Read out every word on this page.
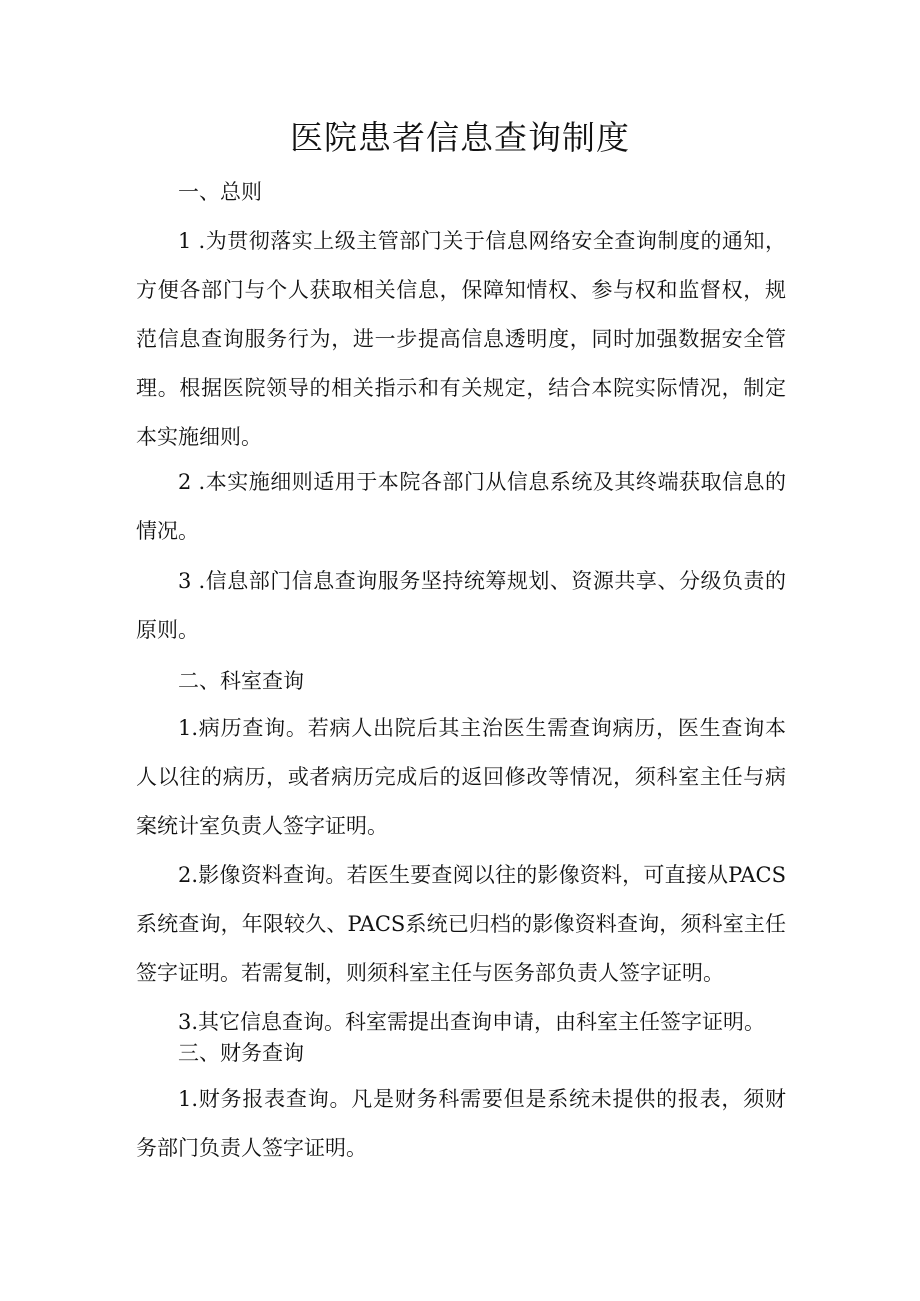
医院患者信息查询制度

一、总则

1 .为贯彻落实上级主管部门关于信息网络安全查询制度的通知，方便各部门与个人获取相关信息，保障知情权、参与权和监督权，规范信息查询服务行为，进一步提高信息透明度，同时加强数据安全管理。根据医院领导的相关指示和有关规定，结合本院实际情况，制定本实施细则。

2 .本实施细则适用于本院各部门从信息系统及其终端获取信息的情况。

3 .信息部门信息查询服务坚持统筹规划、资源共享、分级负责的原则。

二、科室查询

1.病历查询。若病人出院后其主治医生需查询病历，医生查询本人以往的病历，或者病历完成后的返回修改等情况，须科室主任与病案统计室负责人签字证明。

2.影像资料查询。若医生要查阅以往的影像资料，可直接从PACS系统查询，年限较久、PACS系统已归档的影像资料查询，须科室主任签字证明。若需复制，则须科室主任与医务部负责人签字证明。

3.其它信息查询。科室需提出查询申请，由科室主任签字证明。

三、财务查询

1.财务报表查询。凡是财务科需要但是系统未提供的报表，须财务部门负责人签字证明。
